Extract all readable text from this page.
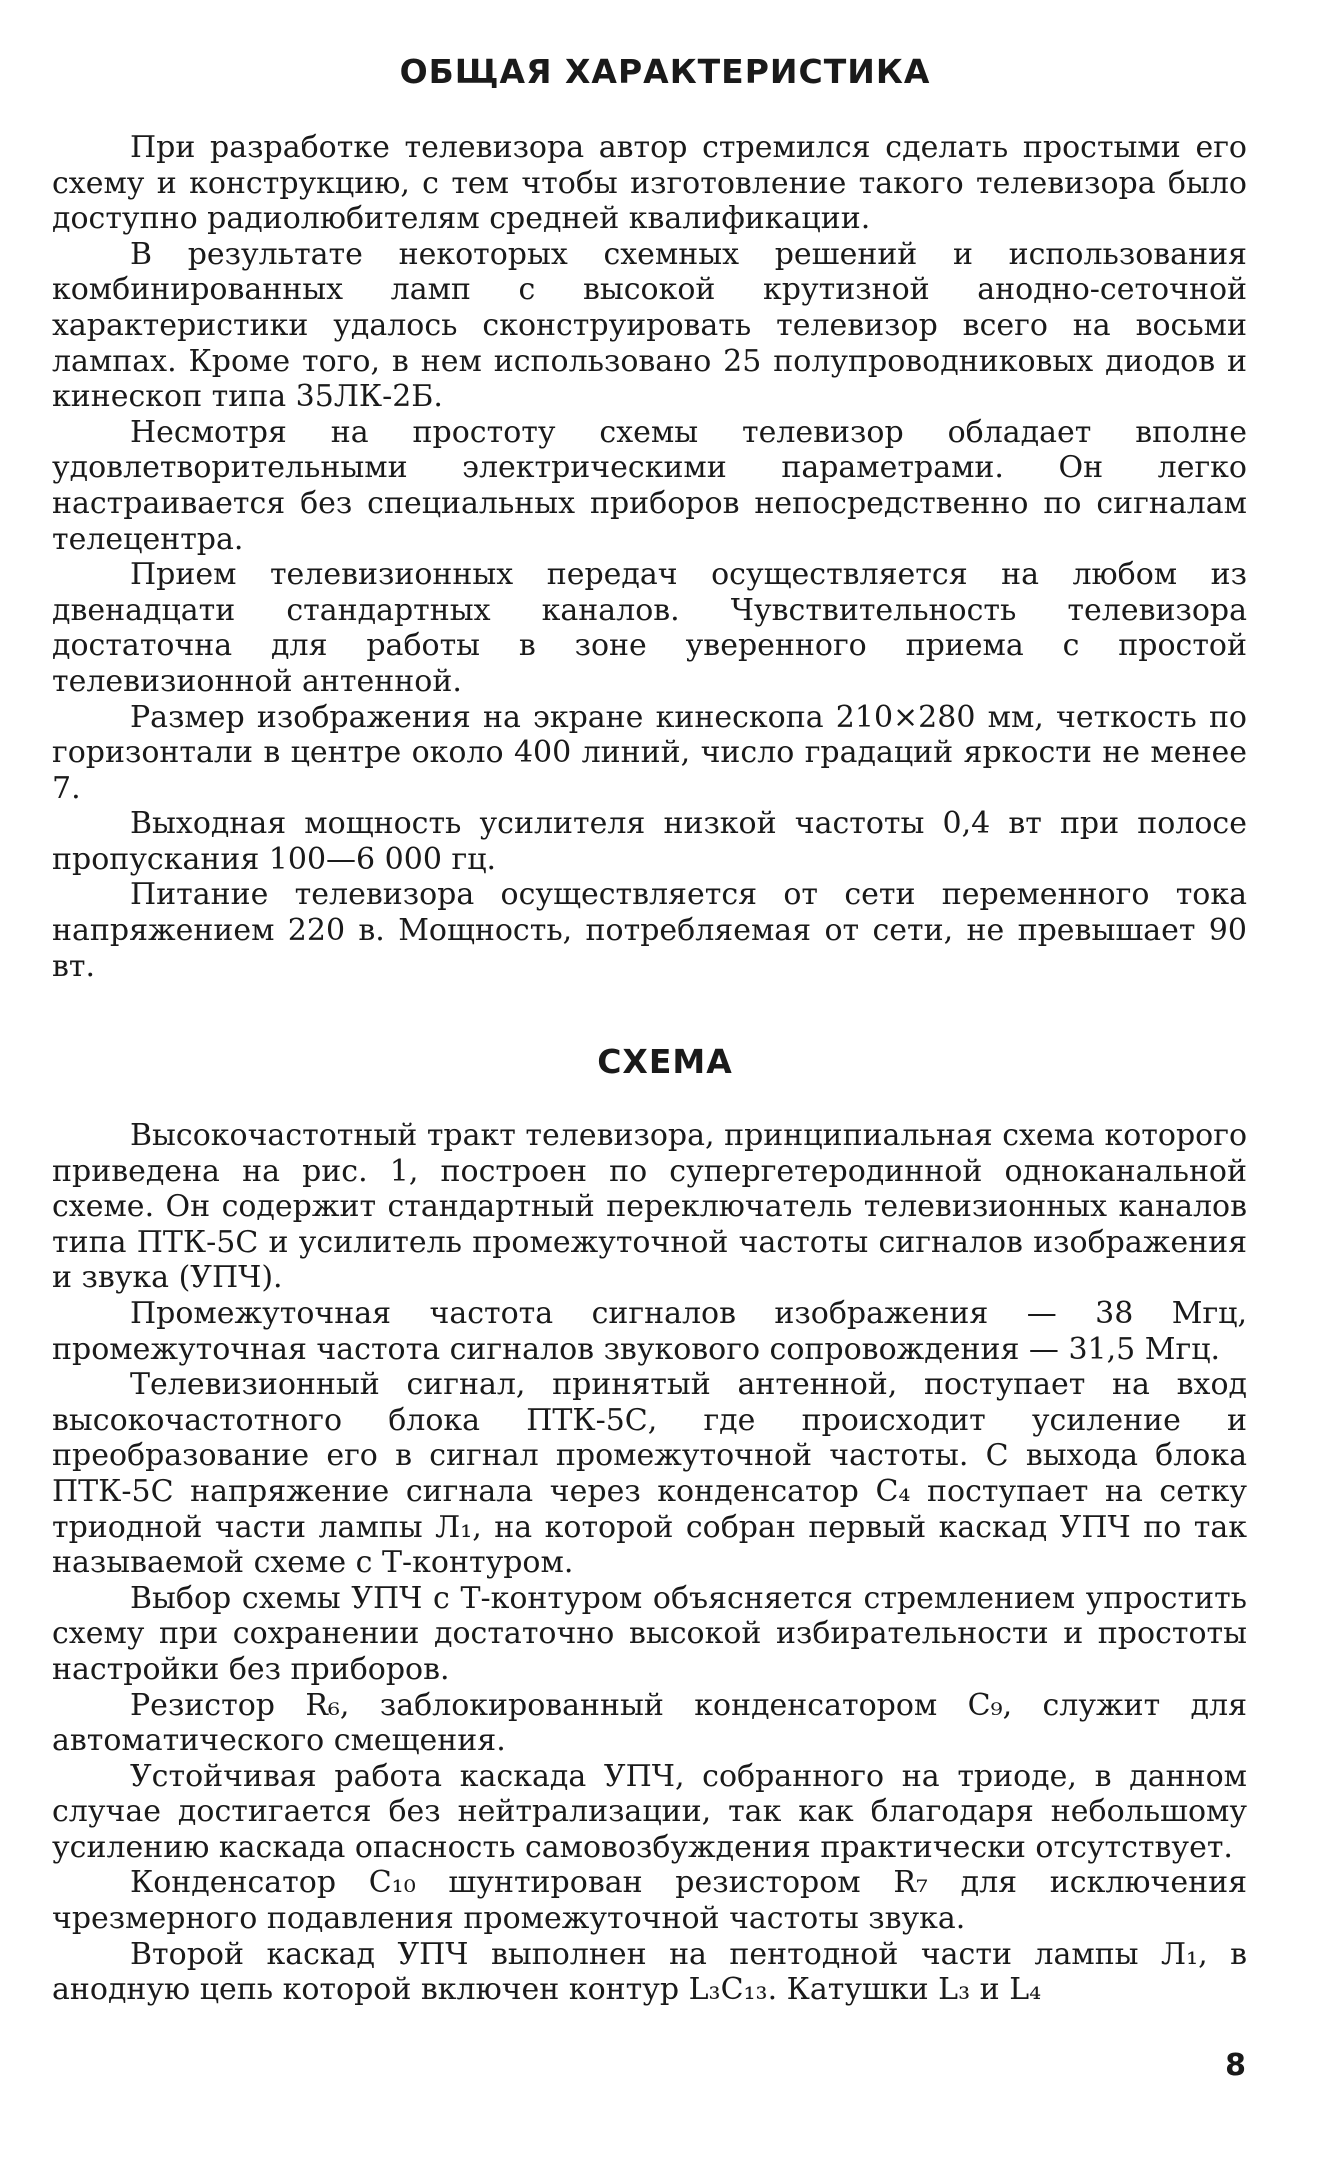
ОБЩАЯ ХАРАКТЕРИСТИКА

При разработке телевизора автор стремился сделать простыми его схему и конструкцию, с тем чтобы изготовление такого телевизора было доступно радиолюбителям средней квалификации.

В результате некоторых схемных решений и использования комбинированных ламп с высокой крутизной анодно-сеточной характеристики удалось сконструировать телевизор всего на восьми лампах. Кроме того, в нем использовано 25 полупроводниковых диодов и кинескоп типа 35ЛК-2Б.

Несмотря на простоту схемы телевизор обладает вполне удовлетворительными электрическими параметрами. Он легко настраивается без специальных приборов непосредственно по сигналам телецентра.

Прием телевизионных передач осуществляется на любом из двенадцати стандартных каналов. Чувствительность телевизора достаточна для работы в зоне уверенного приема с простой телевизионной антенной.

Размер изображения на экране кинескопа 210×280 мм, четкость по горизонтали в центре около 400 линий, число градаций яркости не менее 7.

Выходная мощность усилителя низкой частоты 0,4 вт при полосе пропускания 100—6 000 гц.

Питание телевизора осуществляется от сети переменного тока напряжением 220 в. Мощность, потребляемая от сети, не превышает 90 вт.

СХЕМА

Высокочастотный тракт телевизора, принципиальная схема которого приведена на рис. 1, построен по супергетеродинной одноканальной схеме. Он содержит стандартный переключатель телевизионных каналов типа ПТК-5С и усилитель промежуточной частоты сигналов изображения и звука (УПЧ).

Промежуточная частота сигналов изображения — 38 Мгц, промежуточная частота сигналов звукового сопровождения — 31,5 Мгц.

Телевизионный сигнал, принятый антенной, поступает на вход высокочастотного блока ПТК-5С, где происходит усиление и преобразование его в сигнал промежуточной частоты. С выхода блока ПТК-5С напряжение сигнала через конденсатор C₄ поступает на сетку триодной части лампы Л₁, на которой собран первый каскад УПЧ по так называемой схеме с Т-контуром.

Выбор схемы УПЧ с Т-контуром объясняется стремлением упростить схему при сохранении достаточно высокой избирательности и простоты настройки без приборов.

Резистор R₆, заблокированный конденсатором C₉, служит для автоматического смещения.

Устойчивая работа каскада УПЧ, собранного на триоде, в данном случае достигается без нейтрализации, так как благодаря небольшому усилению каскада опасность самовозбуждения практически отсутствует.

Конденсатор C₁₀ шунтирован резистором R₇ для исключения чрезмерного подавления промежуточной частоты звука.

Второй каскад УПЧ выполнен на пентодной части лампы Л₁, в анодную цепь которой включен контур L₃C₁₃. Катушки L₃ и L₄

8
